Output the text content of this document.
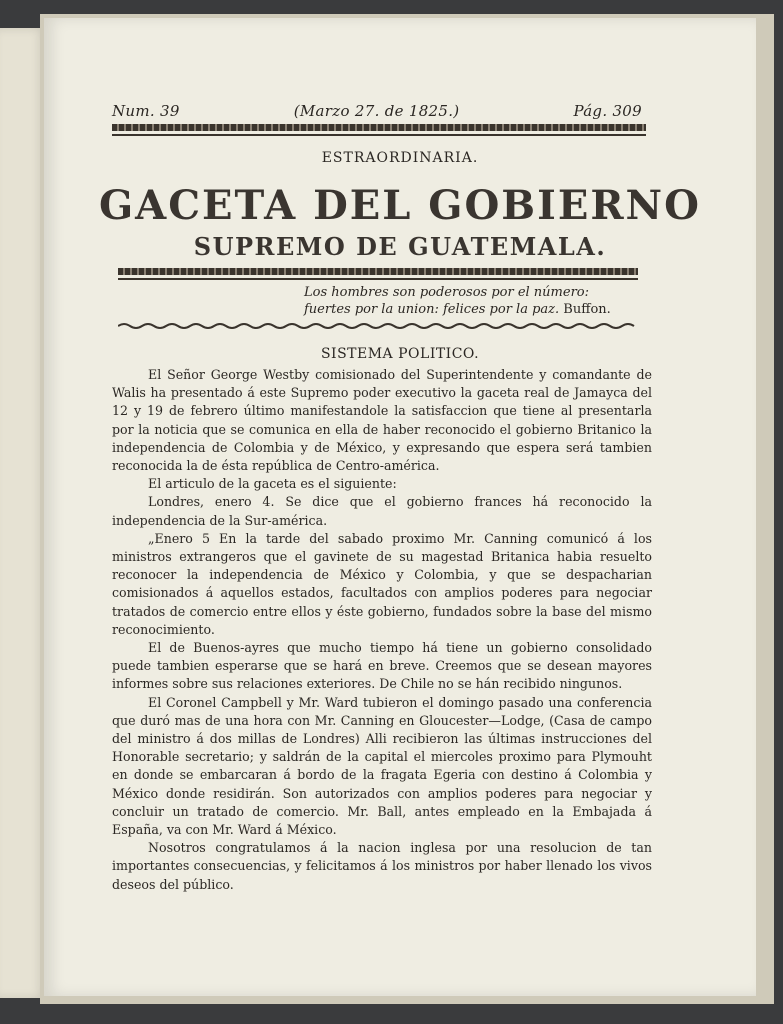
Num. 39	(Marzo 27. de 1825.)	Pág. 309
ESTRAORDINARIA.
GACETA DEL GOBIERNO
SUPREMO DE GUATEMALA.
Los hombres son poderosos por el número:
fuertes por la union: felices por la paz. Buffon.
SISTEMA POLITICO.

El Señor George Westby comisionado del Superintendente y comandante de Walis ha presentado á este Supremo poder executivo la gaceta real de Jamayca del 12 y 19 de febrero último manifestandole la satisfaccion que tiene al presentarla por la noticia que se comunica en ella de haber reconocido el gobierno Britanico la independencia de Colombia y de México, y expresando que espera será tambien reconocida la de ésta república de Centro-américa.

El articulo de la gaceta es el siguiente:

Londres, enero 4. Se dice que el gobierno frances há reconocido la independencia de la Sur-américa.

„Enero 5 En la tarde del sabado proximo Mr. Canning comunicó á los ministros extrangeros que el gavinete de su magestad Britanica habia resuelto reconocer la independencia de México y Colombia, y que se despacharian comisionados á aquellos estados, facultados con amplios poderes para negociar tratados de comercio entre ellos y éste gobierno, fundados sobre la base del mismo reconocimiento.

El de Buenos-ayres que mucho tiempo há tiene un gobierno consolidado puede tambien esperarse que se hará en breve. Creemos que se desean mayores informes sobre sus relaciones exteriores. De Chile no se hán recibido ningunos.

El Coronel Campbell y Mr. Ward tubieron el domingo pasado una conferencia que duró mas de una hora con Mr. Canning en Gloucester—Lodge, (Casa de campo del ministro á dos millas de Londres) Alli recibieron las últimas instrucciones del Honorable secretario; y saldrán de la capital el miercoles proximo para Plymouht en donde se embarcaran á bordo de la fragata Egeria con destino á Colombia y México donde residirán. Son autorizados con amplios poderes para negociar y concluir un tratado de comercio. Mr. Ball, antes empleado en la Embajada á España, va con Mr. Ward á México.

Nosotros congratulamos á la nacion inglesa por una resolucion de tan importantes consecuencias, y felicitamos á los ministros por haber llenado los vivos deseos del público.
